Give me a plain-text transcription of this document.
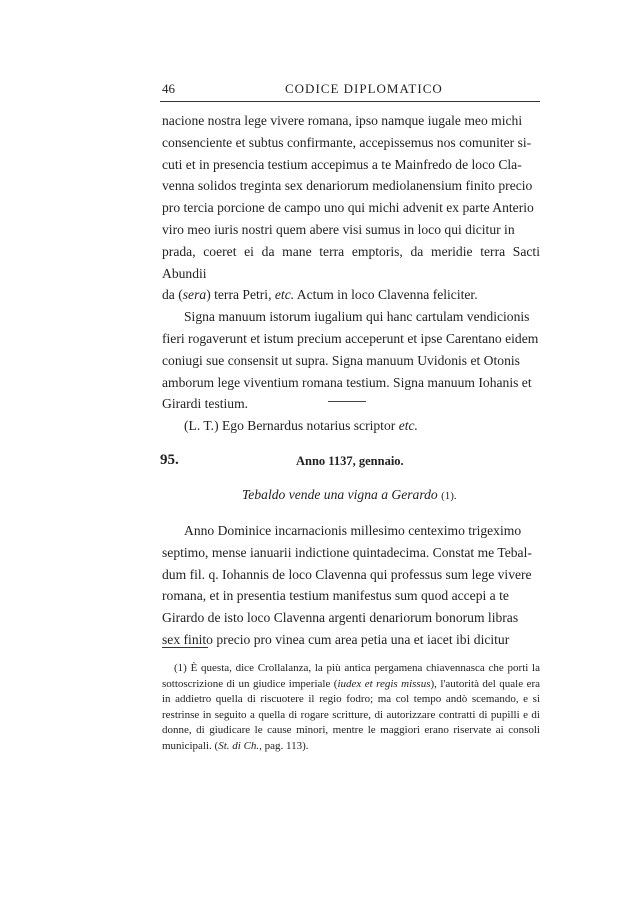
46	CODICE DIPLOMATICO

nacione nostra lege vivere romana, ipso namque iugale meo michi

consenciente et subtus confirmante, accepissemus nos comuniter si-

cuti et in presencia testium accepimus a te Mainfredo de loco Cla-

venna solidos treginta sex denariorum mediolanensium finito precio

pro tercia porcione de campo uno qui michi advenit ex parte Anterio

viro meo iuris nostri quem abere visi sumus in loco qui dicitur in

prada, coeret ei da mane terra emptoris, da meridie terra Sacti Abundii

da (sera) terra Petri, etc. Actum in loco Clavenna feliciter.

Signa manuum istorum iugalium qui hanc cartulam vendicionis

fieri rogaverunt et istum precium acceperunt et ipse Carentano eidem

coniugi sue consensit ut supra. Signa manuum Uvidonis et Otonis

amborum lege viventium romana testium. Signa manuum Iohanis et

Girardi testium.

(L. T.) Ego Bernardus notarius scriptor etc.

95.	Anno 1137, gennaio.
Tebaldo vende una vigna a Gerardo (1).

Anno Dominice incarnacionis millesimo centeximo trigeximo

septimo, mense ianuarii indictione quintadecima. Constat me Tebal-

dum fil. q. Iohannis de loco Clavenna qui professus sum lege vivere

romana, et in presentia testium manifestus sum quod accepi a te

Girardo de isto loco Clavenna argenti denariorum bonorum libras

sex finito precio pro vinea cum area petia una et iacet ibi dicitur

(1) È questa, dice Crollalanza, la più antica pergamena chiavennasca che porti la sottoscrizione di un giudice imperiale (iudex et regis missus), l'autorità del quale era in addietro quella di riscuotere il regio fodro; ma col tempo andò scemando, e si restrinse in seguito a quella di rogare scritture, di autorizzare contratti di pupilli e di donne, di giudicare le cause minori, mentre le maggiori erano riservate ai consoli municipali. (St. di Ch., pag. 113).
